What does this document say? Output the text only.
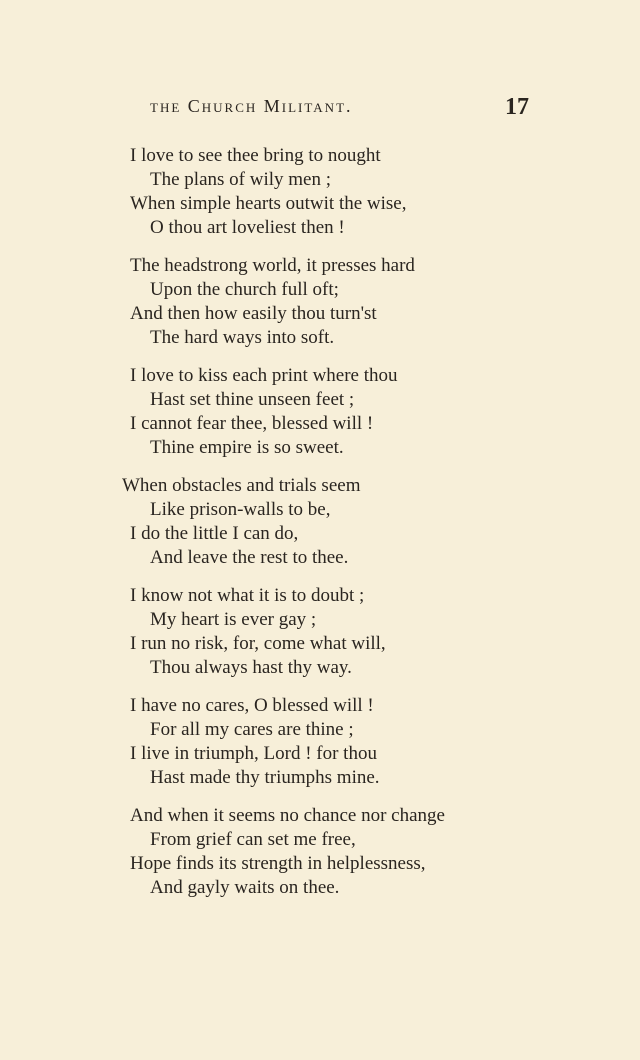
the Church Militant.	17
I love to see thee bring to nought
The plans of wily men ;
When simple hearts outwit the wise,
O thou art loveliest then !
The headstrong world, it presses hard
Upon the church full oft;
And then how easily thou turn'st
The hard ways into soft.
I love to kiss each print where thou
Hast set thine unseen feet ;
I cannot fear thee, blessed will !
Thine empire is so sweet.
When obstacles and trials seem
Like prison-walls to be,
I do the little I can do,
And leave the rest to thee.
I know not what it is to doubt ;
My heart is ever gay ;
I run no risk, for, come what will,
Thou always hast thy way.
I have no cares, O blessed will !
For all my cares are thine ;
I live in triumph, Lord ! for thou
Hast made thy triumphs mine.
And when it seems no chance nor change
From grief can set me free,
Hope finds its strength in helplessness,
And gayly waits on thee.
